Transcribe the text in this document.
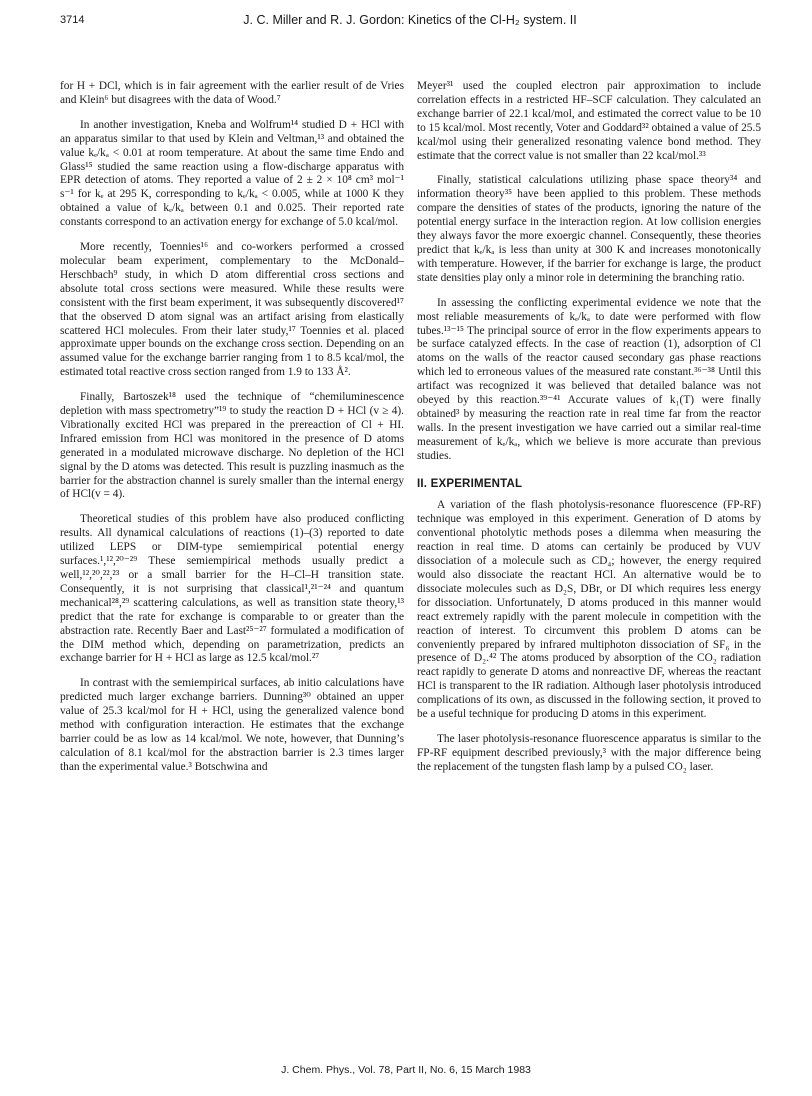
3714	J. C. Miller and R. J. Gordon: Kinetics of the Cl-H₂ system. II

for H + DCl, which is in fair agreement with the earlier result of de Vries and Klein⁶ but disagrees with the data of Wood.⁷

In another investigation, Kneba and Wolfrum¹⁴ studied D + HCl with an apparatus similar to that used by Klein and Veltman,¹³ and obtained the value kₑ/kₐ < 0.01 at room temperature. At about the same time Endo and Glass¹⁵ studied the same reaction using a flow-discharge apparatus with EPR detection of atoms. They reported a value of 2 ± 2 × 10⁸ cm³ mol⁻¹ s⁻¹ for kₑ at 295 K, corresponding to kₑ/kₐ < 0.005, while at 1000 K they obtained a value of kₑ/kₐ between 0.1 and 0.025. Their reported rate constants correspond to an activation energy for exchange of 5.0 kcal/mol.

More recently, Toennies¹⁶ and co-workers performed a crossed molecular beam experiment, complementary to the McDonald–Herschbach⁹ study, in which D atom differential cross sections and absolute total cross sections were measured. While these results were consistent with the first beam experiment, it was subsequently discovered¹⁷ that the observed D atom signal was an artifact arising from elastically scattered HCl molecules. From their later study,¹⁷ Toennies et al. placed approximate upper bounds on the exchange cross section. Depending on an assumed value for the exchange barrier ranging from 1 to 8.5 kcal/mol, the estimated total reactive cross section ranged from 1.9 to 133 Å².

Finally, Bartoszek¹⁸ used the technique of “chemiluminescence depletion with mass spectrometry”¹⁹ to study the reaction D + HCl (v ≥ 4). Vibrationally excited HCl was prepared in the prereaction of Cl + HI. Infrared emission from HCl was monitored in the presence of D atoms generated in a modulated microwave discharge. No depletion of the HCl signal by the D atoms was detected. This result is puzzling inasmuch as the barrier for the abstraction channel is surely smaller than the internal energy of HCl(v = 4).

Theoretical studies of this problem have also produced conflicting results. All dynamical calculations of reactions (1)–(3) reported to date utilized LEPS or DIM-type semiempirical potential energy surfaces.¹,¹²,²⁰⁻²⁹ These semiempirical methods usually predict a well,¹²,²⁰,²²,²³ or a small barrier for the H–Cl–H transition state. Consequently, it is not surprising that classical¹,²¹⁻²⁴ and quantum mechanical²⁸,²⁹ scattering calculations, as well as transition state theory,¹³ predict that the rate for exchange is comparable to or greater than the abstraction rate. Recently Baer and Last²⁵⁻²⁷ formulated a modification of the DIM method which, depending on parametrization, predicts an exchange barrier for H + HCl as large as 12.5 kcal/mol.²⁷

In contrast with the semiempirical surfaces, ab initio calculations have predicted much larger exchange barriers. Dunning³⁰ obtained an upper value of 25.3 kcal/mol for H + HCl, using the generalized valence bond method with configuration interaction. He estimates that the exchange barrier could be as low as 14 kcal/mol. We note, however, that Dunning’s calculation of 8.1 kcal/mol for the abstraction barrier is 2.3 times larger than the experimental value.³ Botschwina and

Meyer³¹ used the coupled electron pair approximation to include correlation effects in a restricted HF–SCF calculation. They calculated an exchange barrier of 22.1 kcal/mol, and estimated the correct value to be 10 to 15 kcal/mol. Most recently, Voter and Goddard³² obtained a value of 25.5 kcal/mol using their generalized resonating valence bond method. They estimate that the correct value is not smaller than 22 kcal/mol.³³

Finally, statistical calculations utilizing phase space theory³⁴ and information theory³⁵ have been applied to this problem. These methods compare the densities of states of the products, ignoring the nature of the potential energy surface in the interaction region. At low collision energies they always favor the more exoergic channel. Consequently, these theories predict that kₑ/kₐ is less than unity at 300 K and increases monotonically with temperature. However, if the barrier for exchange is large, the product state densities play only a minor role in determining the branching ratio.

In assessing the conflicting experimental evidence we note that the most reliable measurements of kₑ/kₐ to date were performed with flow tubes.¹³⁻¹⁵ The principal source of error in the flow experiments appears to be surface catalyzed effects. In the case of reaction (1), adsorption of Cl atoms on the walls of the reactor caused secondary gas phase reactions which led to erroneous values of the measured rate constant.³⁶⁻³⁸ Until this artifact was recognized it was believed that detailed balance was not obeyed by this reaction.³⁹⁻⁴¹ Accurate values of k₁(T) were finally obtained³ by measuring the reaction rate in real time far from the reactor walls. In the present investigation we have carried out a similar real-time measurement of kₑ/kₐ, which we believe is more accurate than previous studies.

II. EXPERIMENTAL

A variation of the flash photolysis-resonance fluorescence (FP-RF) technique was employed in this experiment. Generation of D atoms by conventional photolytic methods poses a dilemma when measuring the reaction in real time. D atoms can certainly be produced by VUV dissociation of a molecule such as CD₄; however, the energy required would also dissociate the reactant HCl. An alternative would be to dissociate molecules such as D₂S, DBr, or DI which requires less energy for dissociation. Unfortunately, D atoms produced in this manner would react extremely rapidly with the parent molecule in competition with the reaction of interest. To circumvent this problem D atoms can be conveniently prepared by infrared multiphoton dissociation of SF₆ in the presence of D₂.⁴² The atoms produced by absorption of the CO₂ radiation react rapidly to generate D atoms and nonreactive DF, whereas the reactant HCl is transparent to the IR radiation. Although laser photolysis introduced complications of its own, as discussed in the following section, it proved to be a useful technique for producing D atoms in this experiment.

The laser photolysis-resonance fluorescence apparatus is similar to the FP-RF equipment described previously,³ with the major difference being the replacement of the tungsten flash lamp by a pulsed CO₂ laser.

J. Chem. Phys., Vol. 78, Part II, No. 6, 15 March 1983
